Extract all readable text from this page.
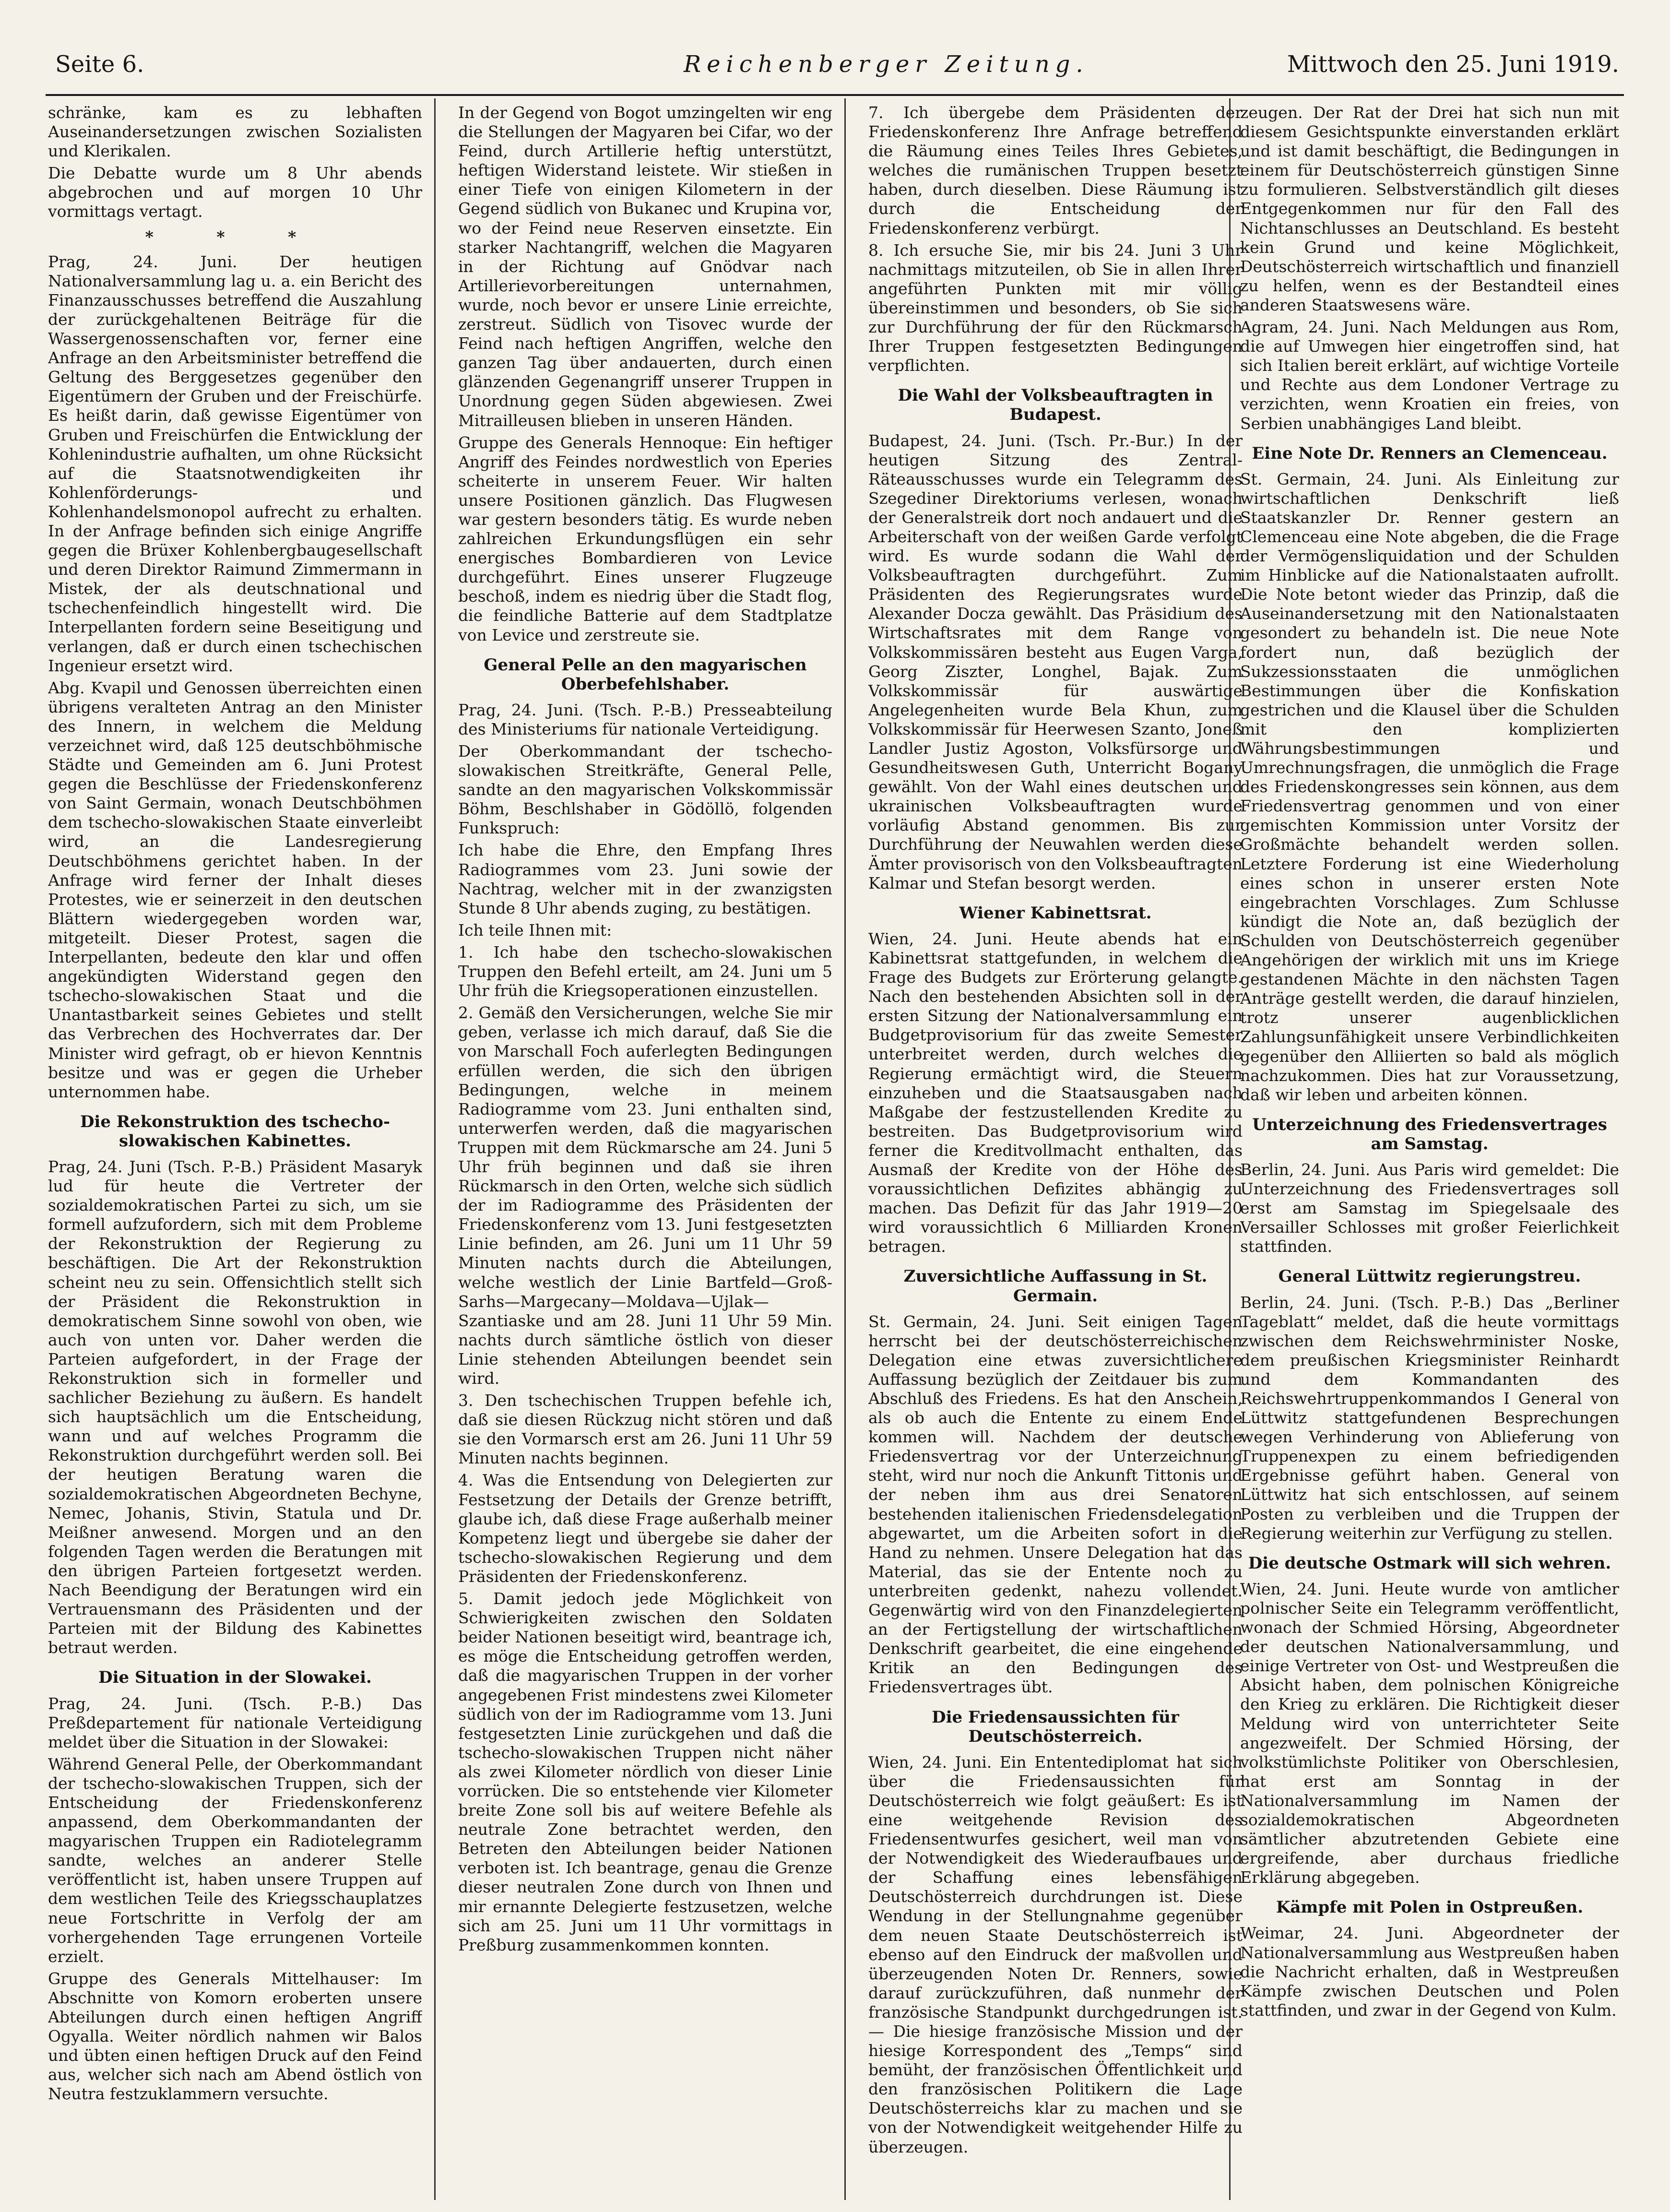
Seite 6.	Reichenberger Zeitung.	Mittwoch den 25. Juni 1919.

schränke, kam es zu lebhaften Auseinandersetzungen zwischen Sozialisten und Klerikalen.

Die Debatte wurde um 8 Uhr abends abgebrochen und auf morgen 10 Uhr vormittags vertagt.

* * *

Prag, 24. Juni. Der heutigen Nationalversammlung lag u. a. ein Bericht des Finanzausschusses betreffend die Auszahlung der zurückgehaltenen Beiträge für die Wassergenossenschaften vor, ferner eine Anfrage an den Arbeitsminister betreffend die Geltung des Berggesetzes gegenüber den Eigentümern der Gruben und der Freischürfe. Es heißt darin, daß gewisse Eigentümer von Gruben und Freischürfen die Entwicklung der Kohlenindustrie aufhalten, um ohne Rücksicht auf die Staatsnotwendigkeiten ihr Kohlenförderungs- und Kohlenhandelsmonopol aufrecht zu erhalten. In der Anfrage befinden sich einige Angriffe gegen die Brüxer Kohlenbergbaugesellschaft und deren Direktor Raimund Zimmermann in Mistek, der als deutschnational und tschechenfeindlich hingestellt wird. Die Interpellanten fordern seine Beseitigung und verlangen, daß er durch einen tschechischen Ingenieur ersetzt wird.

Abg. Kvapil und Genossen überreichten einen übrigens veralteten Antrag an den Minister des Innern, in welchem die Meldung verzeichnet wird, daß 125 deutschböhmische Städte und Gemeinden am 6. Juni Protest gegen die Beschlüsse der Friedenskonferenz von Saint Germain, wonach Deutschböhmen dem tschecho-slowakischen Staate einverleibt wird, an die Landesregierung Deutschböhmens gerichtet haben. In der Anfrage wird ferner der Inhalt dieses Protestes, wie er seinerzeit in den deutschen Blättern wiedergegeben worden war, mitgeteilt. Dieser Protest, sagen die Interpellanten, bedeute den klar und offen angekündigten Widerstand gegen den tschecho-slowakischen Staat und die Unantastbarkeit seines Gebietes und stellt das Verbrechen des Hochverrates dar. Der Minister wird gefragt, ob er hievon Kenntnis besitze und was er gegen die Urheber unternommen habe.

Die Rekonstruktion des tschecho-slowakischen Kabinettes.

Prag, 24. Juni (Tsch. P.-B.) Präsident Masaryk lud für heute die Vertreter der sozialdemokratischen Partei zu sich, um sie formell aufzufordern, sich mit dem Probleme der Rekonstruktion der Regierung zu beschäftigen. Die Art der Rekonstruktion scheint neu zu sein. Offensichtlich stellt sich der Präsident die Rekonstruktion in demokratischem Sinne sowohl von oben, wie auch von unten vor. Daher werden die Parteien aufgefordert, in der Frage der Rekonstruktion sich in formeller und sachlicher Beziehung zu äußern. Es handelt sich hauptsächlich um die Entscheidung, wann und auf welches Programm die Rekonstruktion durchgeführt werden soll. Bei der heutigen Beratung waren die sozialdemokratischen Abgeordneten Bechyne, Nemec, Johanis, Stivin, Statula und Dr. Meißner anwesend. Morgen und an den folgenden Tagen werden die Beratungen mit den übrigen Parteien fortgesetzt werden. Nach Beendigung der Beratungen wird ein Vertrauensmann des Präsidenten und der Parteien mit der Bildung des Kabinettes betraut werden.

Die Situation in der Slowakei.

Prag, 24. Juni. (Tsch. P.-B.) Das Preßdepartement für nationale Verteidigung meldet über die Situation in der Slowakei:

Während General Pelle, der Oberkommandant der tschecho-slowakischen Truppen, sich der Entscheidung der Friedenskonferenz anpassend, dem Oberkommandanten der magyarischen Truppen ein Radiotelegramm sandte, welches an anderer Stelle veröffentlicht ist, haben unsere Truppen auf dem westlichen Teile des Kriegsschauplatzes neue Fortschritte in Verfolg der am vorhergehenden Tage errungenen Vorteile erzielt.

Gruppe des Generals Mittelhauser: Im Abschnitte von Komorn eroberten unsere Abteilungen durch einen heftigen Angriff Ogyalla. Weiter nördlich nahmen wir Balos und übten einen heftigen Druck auf den Feind aus, welcher sich nach am Abend östlich von Neutra festzuklammern versuchte.

In der Gegend von Bogot umzingelten wir eng die Stellungen der Magyaren bei Cifar, wo der Feind, durch Artillerie heftig unterstützt, heftigen Widerstand leistete. Wir stießen in einer Tiefe von einigen Kilometern in der Gegend südlich von Bukanec und Krupina vor, wo der Feind neue Reserven einsetzte. Ein starker Nachtangriff, welchen die Magyaren in der Richtung auf Gnödvar nach Artillerievorbereitungen unternahmen, wurde, noch bevor er unsere Linie erreichte, zerstreut. Südlich von Tisovec wurde der Feind nach heftigen Angriffen, welche den ganzen Tag über andauerten, durch einen glänzenden Gegenangriff unserer Truppen in Unordnung gegen Süden abgewiesen. Zwei Mitrailleusen blieben in unseren Händen.

Gruppe des Generals Hennoque: Ein heftiger Angriff des Feindes nordwestlich von Eperies scheiterte in unserem Feuer. Wir halten unsere Positionen gänzlich. Das Flugwesen war gestern besonders tätig. Es wurde neben zahlreichen Erkundungsflügen ein sehr energisches Bombardieren von Levice durchgeführt. Eines unserer Flugzeuge beschoß, indem es niedrig über die Stadt flog, die feindliche Batterie auf dem Stadtplatze von Levice und zerstreute sie.

General Pelle an den magyarischen Oberbefehlshaber.

Prag, 24. Juni. (Tsch. P.-B.) Presseabteilung des Ministeriums für nationale Verteidigung.

Der Oberkommandant der tschecho-slowakischen Streitkräfte, General Pelle, sandte an den magyarischen Volkskommissär Böhm, Beschlshaber in Gödöllö, folgenden Funkspruch:

Ich habe die Ehre, den Empfang Ihres Radiogrammes vom 23. Juni sowie der Nachtrag, welcher mit in der zwanzigsten Stunde 8 Uhr abends zuging, zu bestätigen.

Ich teile Ihnen mit:

1. Ich habe den tschecho-slowakischen Truppen den Befehl erteilt, am 24. Juni um 5 Uhr früh die Kriegsoperationen einzustellen.

2. Gemäß den Versicherungen, welche Sie mir geben, verlasse ich mich darauf, daß Sie die von Marschall Foch auferlegten Bedingungen erfüllen werden, die sich den übrigen Bedingungen, welche in meinem Radiogramme vom 23. Juni enthalten sind, unterwerfen werden, daß die magyarischen Truppen mit dem Rückmarsche am 24. Juni 5 Uhr früh beginnen und daß sie ihren Rückmarsch in den Orten, welche sich südlich der im Radiogramme des Präsidenten der Friedenskonferenz vom 13. Juni festgesetzten Linie befinden, am 26. Juni um 11 Uhr 59 Minuten nachts durch die Abteilungen, welche westlich der Linie Bartfeld—Groß-Sarhs—Margecany—Moldava—Ujlak—Szantiaske und am 28. Juni 11 Uhr 59 Min. nachts durch sämtliche östlich von dieser Linie stehenden Abteilungen beendet sein wird.

3. Den tschechischen Truppen befehle ich, daß sie diesen Rückzug nicht stören und daß sie den Vormarsch erst am 26. Juni 11 Uhr 59 Minuten nachts beginnen.

4. Was die Entsendung von Delegierten zur Festsetzung der Details der Grenze betrifft, glaube ich, daß diese Frage außerhalb meiner Kompetenz liegt und übergebe sie daher der tschecho-slowakischen Regierung und dem Präsidenten der Friedenskonferenz.

5. Damit jedoch jede Möglichkeit von Schwierigkeiten zwischen den Soldaten beider Nationen beseitigt wird, beantrage ich, es möge die Entscheidung getroffen werden, daß die magyarischen Truppen in der vorher angegebenen Frist mindestens zwei Kilometer südlich von der im Radiogramme vom 13. Juni festgesetzten Linie zurückgehen und daß die tschecho-slowakischen Truppen nicht näher als zwei Kilometer nördlich von dieser Linie vorrücken. Die so entstehende vier Kilometer breite Zone soll bis auf weitere Befehle als neutrale Zone betrachtet werden, den Betreten den Abteilungen beider Nationen verboten ist. Ich beantrage, genau die Grenze dieser neutralen Zone durch von Ihnen und mir ernannte Delegierte festzusetzen, welche sich am 25. Juni um 11 Uhr vormittags in Preßburg zusammenkommen konnten.

7. Ich übergebe dem Präsidenten der Friedenskonferenz Ihre Anfrage betreffend die Räumung eines Teiles Ihres Gebietes, welches die rumänischen Truppen besetzt haben, durch dieselben. Diese Räumung ist durch die Entscheidung der Friedenskonferenz verbürgt.

8. Ich ersuche Sie, mir bis 24. Juni 3 Uhr nachmittags mitzuteilen, ob Sie in allen Ihrer angeführten Punkten mit mir völlig übereinstimmen und besonders, ob Sie sich zur Durchführung der für den Rückmarsch Ihrer Truppen festgesetzten Bedingungen verpflichten.

Die Wahl der Volksbeauftragten in Budapest.

Budapest, 24. Juni. (Tsch. Pr.-Bur.) In der heutigen Sitzung des Zentral-Räteausschusses wurde ein Telegramm des Szegediner Direktoriums verlesen, wonach der Generalstreik dort noch andauert und die Arbeiterschaft von der weißen Garde verfolgt wird. Es wurde sodann die Wahl der Volksbeauftragten durchgeführt. Zum Präsidenten des Regierungsrates wurde Alexander Docza gewählt. Das Präsidium des Wirtschaftsrates mit dem Range von Volkskommissären besteht aus Eugen Varga, Georg Ziszter, Longhel, Bajak. Zum Volkskommissär für auswärtige Angelegenheiten wurde Bela Khun, zum Volkskommissär für Heerwesen Szanto, Joneß Landler Justiz Agoston, Volksfürsorge und Gesundheitswesen Guth, Unterricht Bogany gewählt. Von der Wahl eines deutschen und ukrainischen Volksbeauftragten wurde vorläufig Abstand genommen. Bis zur Durchführung der Neuwahlen werden diese Ämter provisorisch von den Volksbeauftragten Kalmar und Stefan besorgt werden.

Wiener Kabinettsrat.

Wien, 24. Juni. Heute abends hat ein Kabinettsrat stattgefunden, in welchem die Frage des Budgets zur Erörterung gelangte. Nach den bestehenden Absichten soll in der ersten Sitzung der Nationalversammlung ein Budgetprovisorium für das zweite Semester unterbreitet werden, durch welches die Regierung ermächtigt wird, die Steuern einzuheben und die Staatsausgaben nach Maßgabe der festzustellenden Kredite zu bestreiten. Das Budgetprovisorium wird ferner die Kreditvollmacht enthalten, das Ausmaß der Kredite von der Höhe des voraussichtlichen Defizites abhängig zu machen. Das Defizit für das Jahr 1919—20 wird voraussichtlich 6 Milliarden Kronen betragen.

Zuversichtliche Auffassung in St. Germain.

St. Germain, 24. Juni. Seit einigen Tagen herrscht bei der deutschösterreichischen Delegation eine etwas zuversichtlichere Auffassung bezüglich der Zeitdauer bis zum Abschluß des Friedens. Es hat den Anschein, als ob auch die Entente zu einem Ende kommen will. Nachdem der deutsche Friedensvertrag vor der Unterzeichnung steht, wird nur noch die Ankunft Tittonis und der neben ihm aus drei Senatoren bestehenden italienischen Friedensdelegation abgewartet, um die Arbeiten sofort in die Hand zu nehmen. Unsere Delegation hat das Material, das sie der Entente noch zu unterbreiten gedenkt, nahezu vollendet. Gegenwärtig wird von den Finanzdelegierten an der Fertigstellung der wirtschaftlichen Denkschrift gearbeitet, die eine eingehende Kritik an den Bedingungen des Friedensvertrages übt.

Die Friedensaussichten für Deutschösterreich.

Wien, 24. Juni. Ein Ententediplomat hat sich über die Friedensaussichten für Deutschösterreich wie folgt geäußert: Es ist eine weitgehende Revision des Friedensentwurfes gesichert, weil man von der Notwendigkeit des Wiederaufbaues und der Schaffung eines lebensfähigen Deutschösterreich durchdrungen ist. Diese Wendung in der Stellungnahme gegenüber dem neuen Staate Deutschösterreich ist ebenso auf den Eindruck der maßvollen und überzeugenden Noten Dr. Renners, sowie darauf zurückzuführen, daß nunmehr der französische Standpunkt durchgedrungen ist. — Die hiesige französische Mission und der hiesige Korrespondent des „Temps“ sind bemüht, der französischen Öffentlichkeit und den französischen Politikern die Lage Deutschösterreichs klar zu machen und sie von der Notwendigkeit weitgehender Hilfe zu überzeugen.

zeugen. Der Rat der Drei hat sich nun mit diesem Gesichtspunkte einverstanden erklärt und ist damit beschäftigt, die Bedingungen in einem für Deutschösterreich günstigen Sinne zu formulieren. Selbstverständlich gilt dieses Entgegenkommen nur für den Fall des Nichtanschlusses an Deutschland. Es besteht kein Grund und keine Möglichkeit, Deutschösterreich wirtschaftlich und finanziell zu helfen, wenn es der Bestandteil eines anderen Staatswesens wäre.

Agram, 24. Juni. Nach Meldungen aus Rom, die auf Umwegen hier eingetroffen sind, hat sich Italien bereit erklärt, auf wichtige Vorteile und Rechte aus dem Londoner Vertrage zu verzichten, wenn Kroatien ein freies, von Serbien unabhängiges Land bleibt.

Eine Note Dr. Renners an Clemenceau.

St. Germain, 24. Juni. Als Einleitung zur wirtschaftlichen Denkschrift ließ Staatskanzler Dr. Renner gestern an Clemenceau eine Note abgeben, die die Frage der Vermögensliquidation und der Schulden im Hinblicke auf die Nationalstaaten aufrollt. Die Note betont wieder das Prinzip, daß die Auseinandersetzung mit den Nationalstaaten gesondert zu behandeln ist. Die neue Note fordert nun, daß bezüglich der Sukzessionsstaaten die unmöglichen Bestimmungen über die Konfiskation gestrichen und die Klausel über die Schulden mit den komplizierten Währungsbestimmungen und Umrechnungsfragen, die unmöglich die Frage des Friedenskongresses sein können, aus dem Friedensvertrag genommen und von einer gemischten Kommission unter Vorsitz der Großmächte behandelt werden sollen. Letztere Forderung ist eine Wiederholung eines schon in unserer ersten Note eingebrachten Vorschlages. Zum Schlusse kündigt die Note an, daß bezüglich der Schulden von Deutschösterreich gegenüber Angehörigen der wirklich mit uns im Kriege gestandenen Mächte in den nächsten Tagen Anträge gestellt werden, die darauf hinzielen, trotz unserer augenblicklichen Zahlungsunfähigkeit unsere Verbindlichkeiten gegenüber den Alliierten so bald als möglich nachzukommen. Dies hat zur Voraussetzung, daß wir leben und arbeiten können.

Unterzeichnung des Friedensvertrages am Samstag.

Berlin, 24. Juni. Aus Paris wird gemeldet: Die Unterzeichnung des Friedensvertrages soll erst am Samstag im Spiegelsaale des Versailler Schlosses mit großer Feierlichkeit stattfinden.

General Lüttwitz regierungstreu.

Berlin, 24. Juni. (Tsch. P.-B.) Das „Berliner Tageblatt“ meldet, daß die heute vormittags zwischen dem Reichswehrminister Noske, dem preußischen Kriegsminister Reinhardt und dem Kommandanten des Reichswehrtruppenkommandos I General von Lüttwitz stattgefundenen Besprechungen wegen Verhinderung von Ablieferung von Truppenexpen zu einem befriedigenden Ergebnisse geführt haben. General von Lüttwitz hat sich entschlossen, auf seinem Posten zu verbleiben und die Truppen der Regierung weiterhin zur Verfügung zu stellen.

Die deutsche Ostmark will sich wehren.

Wien, 24. Juni. Heute wurde von amtlicher polnischer Seite ein Telegramm veröffentlicht, wonach der Schmied Hörsing, Abgeordneter der deutschen Nationalversammlung, und einige Vertreter von Ost- und Westpreußen die Absicht haben, dem polnischen Königreiche den Krieg zu erklären. Die Richtigkeit dieser Meldung wird von unterrichteter Seite angezweifelt. Der Schmied Hörsing, der volkstümlichste Politiker von Oberschlesien, hat erst am Sonntag in der Nationalversammlung im Namen der sozialdemokratischen Abgeordneten sämtlicher abzutretenden Gebiete eine ergreifende, aber durchaus friedliche Erklärung abgegeben.

Kämpfe mit Polen in Ostpreußen.

Weimar, 24. Juni. Abgeordneter der Nationalversammlung aus Westpreußen haben die Nachricht erhalten, daß in Westpreußen Kämpfe zwischen Deutschen und Polen stattfinden, und zwar in der Gegend von Kulm.
